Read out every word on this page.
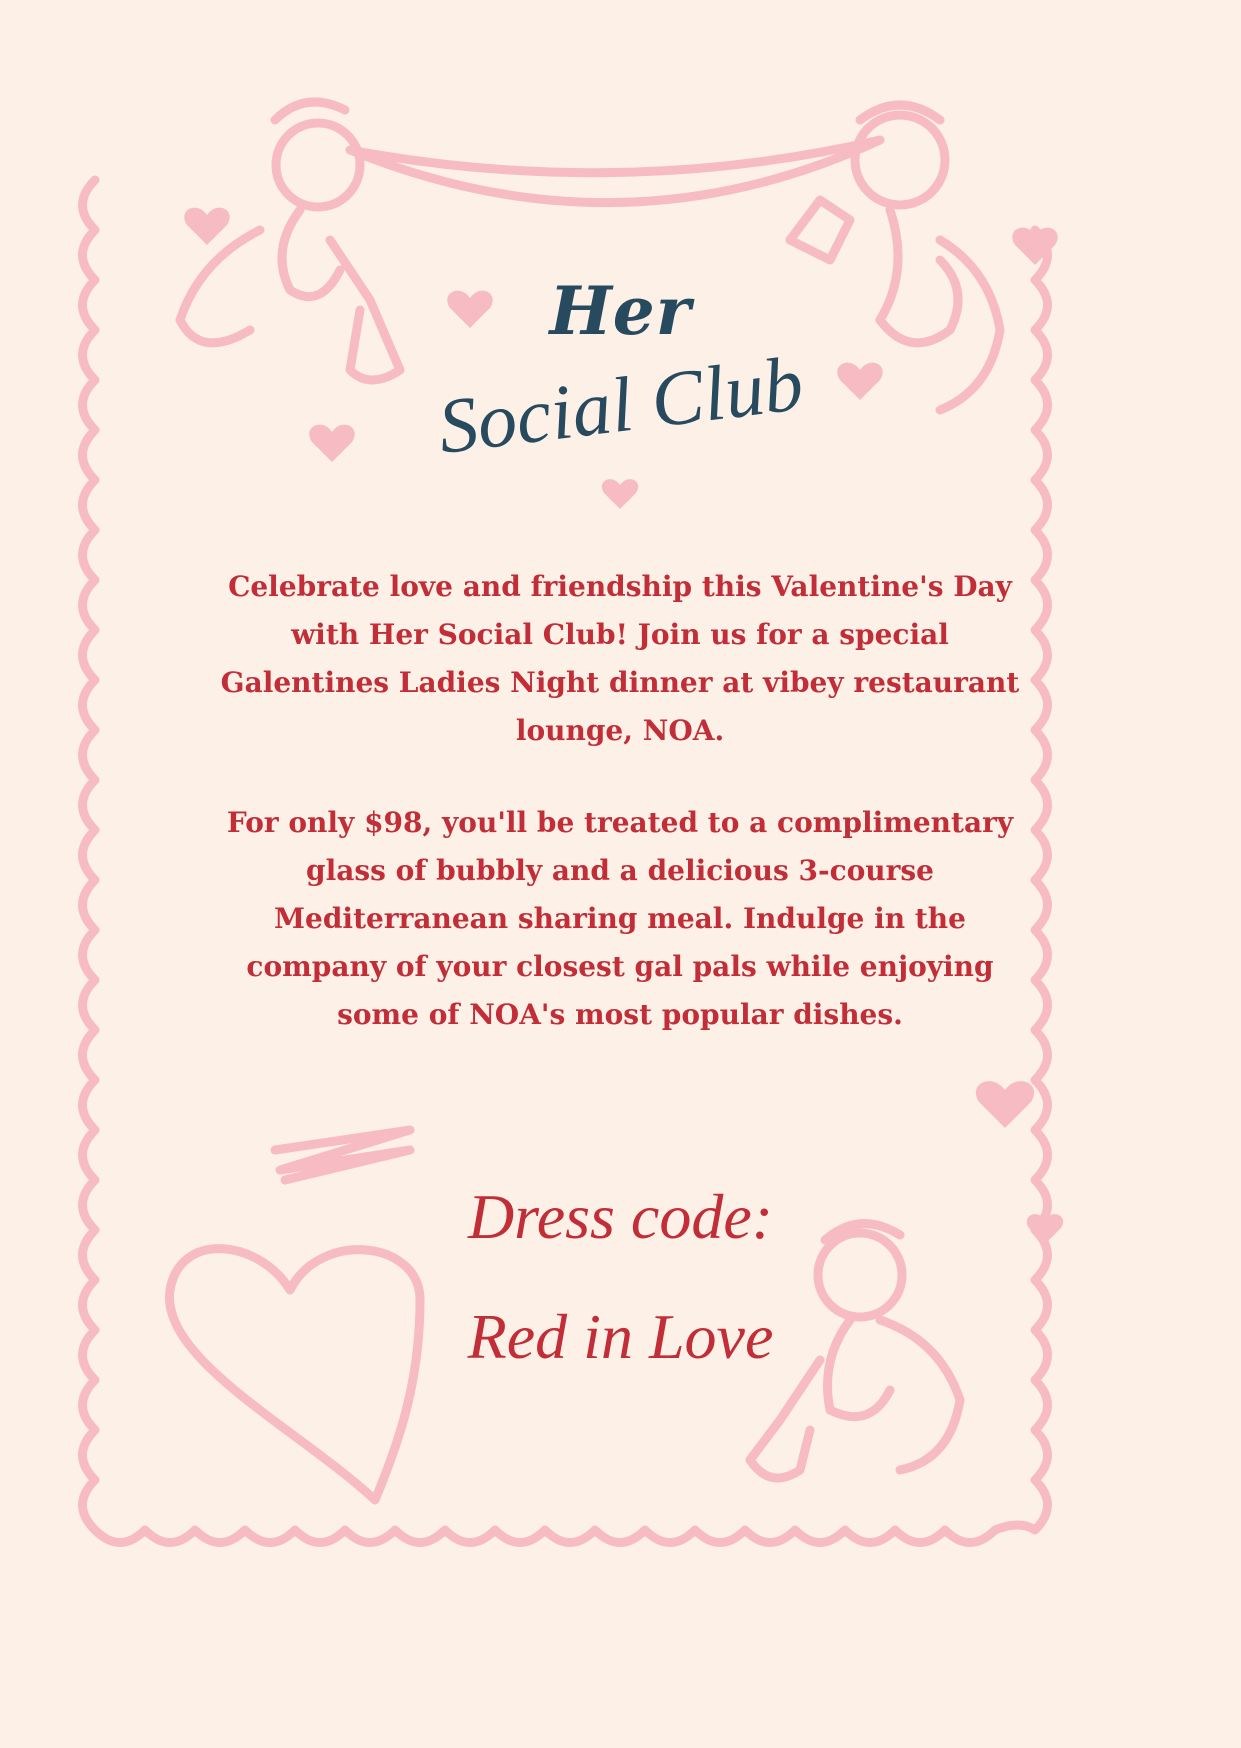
Her
Social Club
Celebrate love and friendship this Valentine's Day with Her Social Club! Join us for a special Galentines Ladies Night dinner at vibey restaurant lounge, NOA.
For only $98, you'll be treated to a complimentary glass of bubbly and a delicious 3-course Mediterranean sharing meal. Indulge in the company of your closest gal pals while enjoying some of NOA's most popular dishes.
Dress code:
Red in Love
